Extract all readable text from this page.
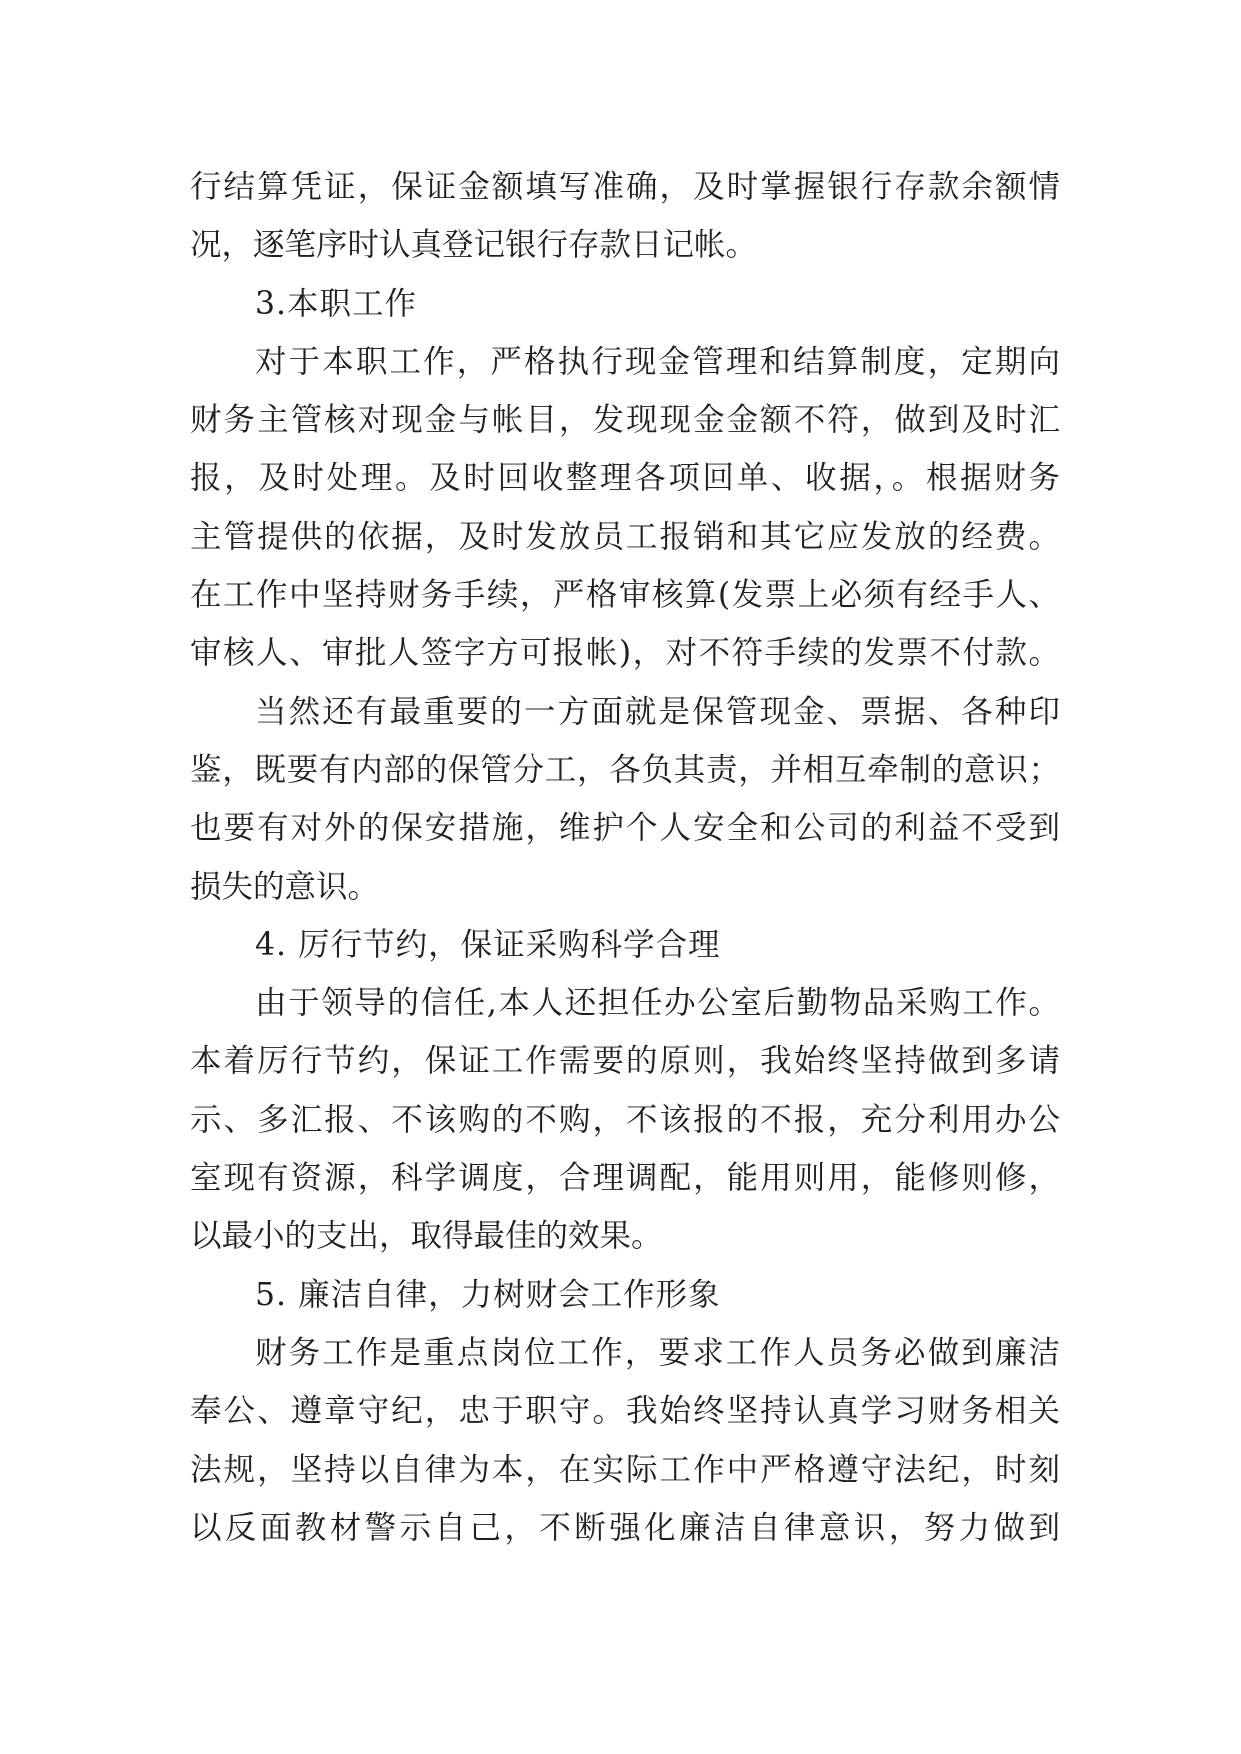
行结算凭证，保证金额填写准确，及时掌握银行存款余额情
况，逐笔序时认真登记银行存款日记帐。
3.本职工作
对于本职工作，严格执行现金管理和结算制度，定期向
财务主管核对现金与帐目，发现现金金额不符，做到及时汇
报，及时处理。及时回收整理各项回单、收据，。根据财务
主管提供的依据，及时发放员工报销和其它应发放的经费。
在工作中坚持财务手续，严格审核算(发票上必须有经手人、
审核人、审批人签字方可报帐)，对不符手续的发票不付款。
当然还有最重要的一方面就是保管现金、票据、各种印
鉴，既要有内部的保管分工，各负其责，并相互牵制的意识；
也要有对外的保安措施，维护个人安全和公司的利益不受到
损失的意识。
4. 厉行节约，保证采购科学合理
由于领导的信任,本人还担任办公室后勤物品采购工作。
本着厉行节约，保证工作需要的原则，我始终坚持做到多请
示、多汇报、不该购的不购，不该报的不报，充分利用办公
室现有资源，科学调度，合理调配，能用则用，能修则修，
以最小的支出，取得最佳的效果。
5. 廉洁自律，力树财会工作形象
财务工作是重点岗位工作，要求工作人员务必做到廉洁
奉公、遵章守纪，忠于职守。我始终坚持认真学习财务相关
法规，坚持以自律为本，在实际工作中严格遵守法纪，时刻
以反面教材警示自己，不断强化廉洁自律意识，努力做到
